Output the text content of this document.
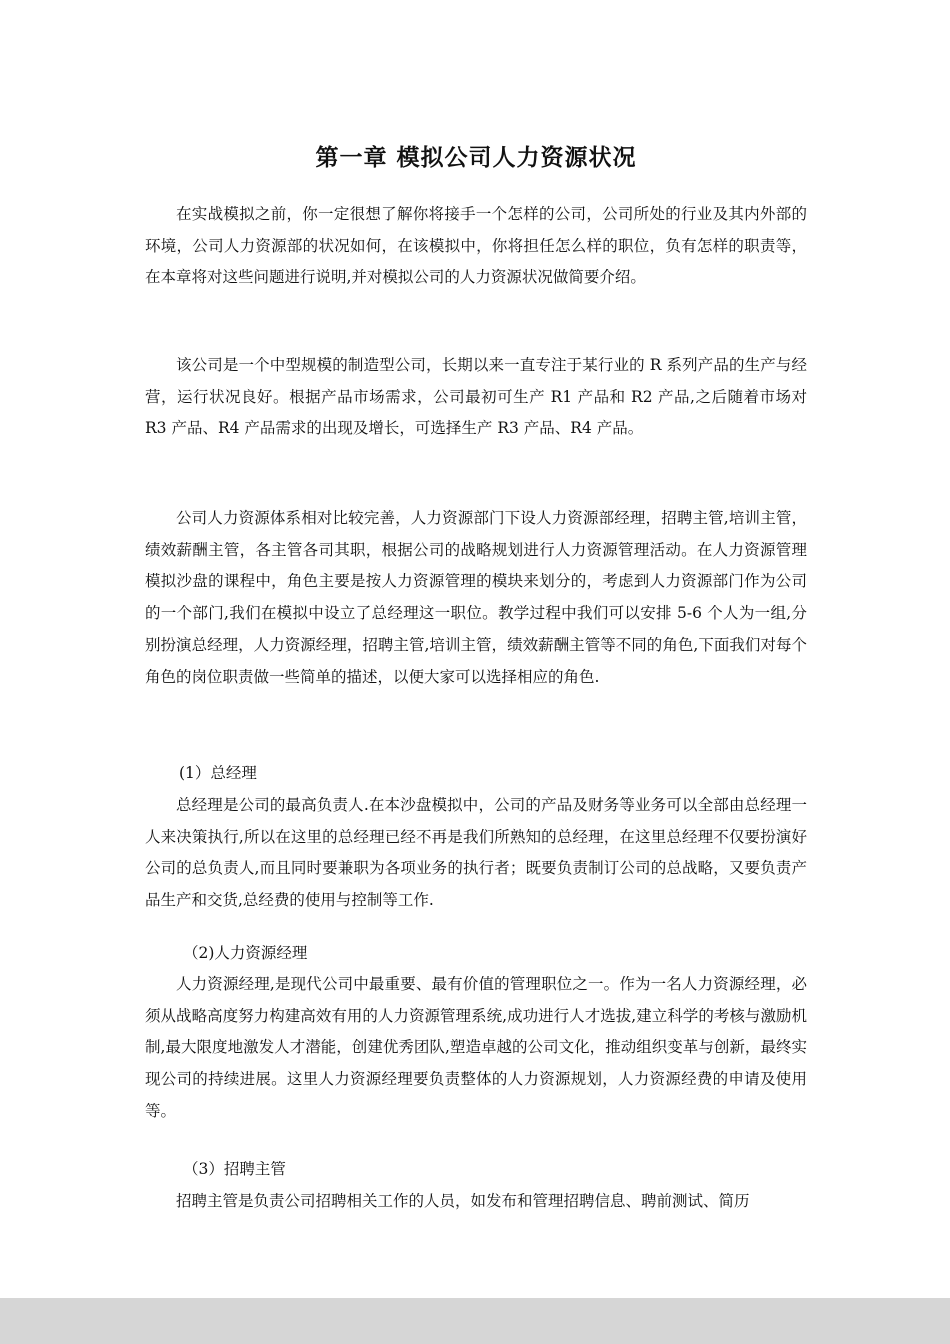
第一章 模拟公司人力资源状况

在实战模拟之前，你一定很想了解你将接手一个怎样的公司，公司所处的行业及其内外部的环境，公司人力资源部的状况如何，在该模拟中，你将担任怎么样的职位，负有怎样的职责等，在本章将对这些问题进行说明,并对模拟公司的人力资源状况做简要介绍。

该公司是一个中型规模的制造型公司，长期以来一直专注于某行业的 R 系列产品的生产与经营，运行状况良好。根据产品市场需求，公司最初可生产 R1 产品和 R2 产品,之后随着市场对 R3 产品、R4 产品需求的出现及增长，可选择生产 R3 产品、R4 产品。

公司人力资源体系相对比较完善，人力资源部门下设人力资源部经理，招聘主管,培训主管，绩效薪酬主管，各主管各司其职，根据公司的战略规划进行人力资源管理活动。在人力资源管理模拟沙盘的课程中，角色主要是按人力资源管理的模块来划分的，考虑到人力资源部门作为公司的一个部门,我们在模拟中设立了总经理这一职位。教学过程中我们可以安排 5-6 个人为一组,分别扮演总经理，人力资源经理，招聘主管,培训主管，绩效薪酬主管等不同的角色,下面我们对每个角色的岗位职责做一些简单的描述，以便大家可以选择相应的角色.

(1）总经理

总经理是公司的最高负责人.在本沙盘模拟中，公司的产品及财务等业务可以全部由总经理一人来决策执行,所以在这里的总经理已经不再是我们所熟知的总经理，在这里总经理不仅要扮演好公司的总负责人,而且同时要兼职为各项业务的执行者；既要负责制订公司的总战略，又要负责产品生产和交货,总经费的使用与控制等工作.

（2)人力资源经理

人力资源经理,是现代公司中最重要、最有价值的管理职位之一。作为一名人力资源经理，必须从战略高度努力构建高效有用的人力资源管理系统,成功进行人才选拔,建立科学的考核与激励机制,最大限度地激发人才潜能，创建优秀团队,塑造卓越的公司文化，推动组织变革与创新，最终实现公司的持续进展。这里人力资源经理要负责整体的人力资源规划，人力资源经费的申请及使用等。

（3）招聘主管

招聘主管是负责公司招聘相关工作的人员，如发布和管理招聘信息、聘前测试、简历
